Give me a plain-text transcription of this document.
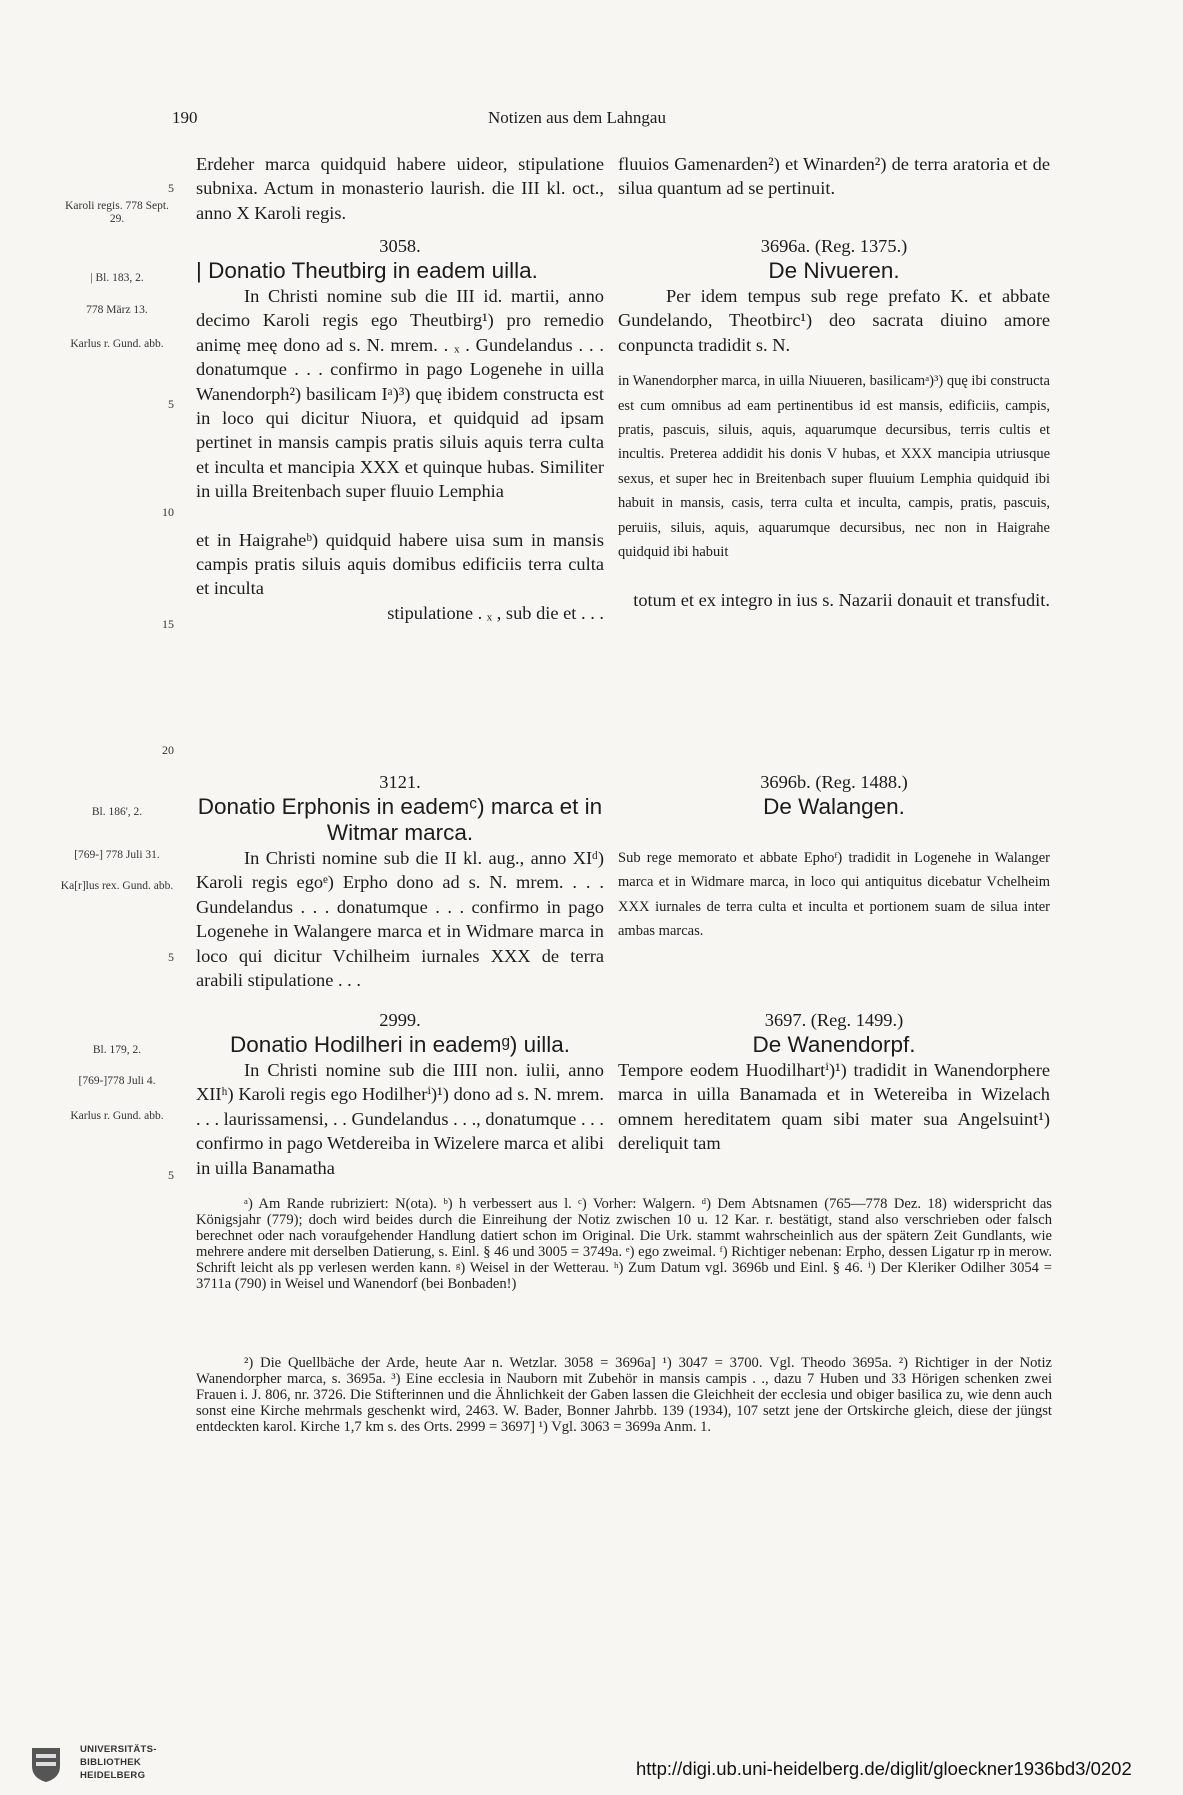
190	Notizen aus dem Lahngau
Karoli regis. 778 Sept. 29.
| Bl. 183, 2.
778 März 13.
Karlus r. Gund. abb.
Bl. 186', 2.
[769-] 778 Juli 31.
Ka[r]lus rex. Gund. abb.
Bl. 179, 2.
[769-]778 Juli 4.
Karlus r. Gund. abb.
5
5
10
15
20
5
5

Erdeher marca quidquid habere uideor, stipulatione subnixa. Actum in monasterio laurish. die III kl. oct., anno X Karoli regis.

fluuios Gamenarden²) et Winarden²) de terra aratoria et de silua quantum ad se pertinuit.

3058.
| Donatio Theutbirg in eadem uilla.

In Christi nomine sub die III id. martii, anno decimo Karoli regis ego Theutbirg¹) pro remedio animę meę dono ad s. N. mrem. . ₓ . Gundelandus . . . donatumque . . . confirmo in pago Logenehe in uilla Wanendorph²) basilicam Iᵃ)³) quę ibidem constructa est in loco qui dicitur Niuora, et quidquid ad ipsam pertinet in mansis campis pratis siluis aquis terra culta et inculta et mancipia XXX et quinque hubas. Similiter in uilla Breitenbach super fluuio Lemphia

et in Haigraheᵇ) quidquid habere uisa sum in mansis campis pratis siluis aquis domibus edificiis terra culta et inculta

stipulatione . ₓ , sub die et . . .

3696a. (Reg. 1375.)
De Nivueren.

Per idem tempus sub rege prefato K. et abbate Gundelando, Theotbirc¹) deo sacrata diuino amore conpuncta tradidit s. N.

in Wanendorpher marca, in uilla Niuueren, basilicamᵃ)³) quę ibi constructa est cum omnibus ad eam pertinentibus id est mansis, edificiis, campis, pratis, pascuis, siluis, aquis, aquarumque decursibus, terris cultis et incultis. Preterea addidit his donis V hubas, et XXX mancipia utriusque sexus, et super hec in Breitenbach super fluuium Lemphia quidquid ibi habuit in mansis, casis, terra culta et inculta, campis, pratis, pascuis, peruiis, siluis, aquis, aquarumque decursibus, nec non in Haigrahe quidquid ibi habuit

totum et ex integro in ius s. Nazarii donauit et transfudit.

3121.
Donatio Erphonis in eademᶜ) marca et in Witmar marca.

In Christi nomine sub die II kl. aug., anno XIᵈ) Karoli regis egoᵉ) Erpho dono ad s. N. mrem. . . . Gundelandus . . . donatumque . . . confirmo in pago Logenehe in Walangere marca et in Widmare marca in loco qui dicitur Vchilheim iurnales XXX de terra arabili stipulatione . . .

3696b. (Reg. 1488.)
De Walangen.

Sub rege memorato et abbate Ephoᶠ) tradidit in Logenehe in Walanger marca et in Widmare marca, in loco qui antiquitus dicebatur Vchelheim XXX iurnales de terra culta et inculta et portionem suam de silua inter ambas marcas.

2999.
Donatio Hodilheri in eademᵍ) uilla.

In Christi nomine sub die IIII non. iulii, anno XIIʰ) Karoli regis ego Hodilherⁱ)¹) dono ad s. N. mrem. . . . laurissamensi, . . Gundelandus . . ., donatumque . . . confirmo in pago Wetdereiba in Wizelere marca et alibi in uilla Banamatha

3697. (Reg. 1499.)
De Wanendorpf.

Tempore eodem Huodilhartⁱ)¹) tradidit in Wanendorphere marca in uilla Banamada et in Wetereiba in Wizelach omnem hereditatem quam sibi mater sua Angelsuint¹) dereliquit tam

ᵃ) Am Rande rubriziert: N(ota). ᵇ) h verbessert aus l. ᶜ) Vorher: Walgern. ᵈ) Dem Abtsnamen (765—778 Dez. 18) widerspricht das Königsjahr (779); doch wird beides durch die Einreihung der Notiz zwischen 10 u. 12 Kar. r. bestätigt, stand also verschrieben oder falsch berechnet oder nach voraufgehender Handlung datiert schon im Original. Die Urk. stammt wahrscheinlich aus der spätern Zeit Gundlants, wie mehrere andere mit derselben Datierung, s. Einl. § 46 und 3005 = 3749a. ᵉ) ego zweimal. ᶠ) Richtiger nebenan: Erpho, dessen Ligatur rp in merow. Schrift leicht als pp verlesen werden kann. ᵍ) Weisel in der Wetterau. ʰ) Zum Datum vgl. 3696b und Einl. § 46. ⁱ) Der Kleriker Odilher 3054 = 3711a (790) in Weisel und Wanendorf (bei Bonbaden!)

²) Die Quellbäche der Arde, heute Aar n. Wetzlar. 3058 = 3696a] ¹) 3047 = 3700. Vgl. Theodo 3695a. ²) Richtiger in der Notiz Wanendorpher marca, s. 3695a. ³) Eine ecclesia in Nauborn mit Zubehör in mansis campis . ., dazu 7 Huben und 33 Hörigen schenken zwei Frauen i. J. 806, nr. 3726. Die Stifterinnen und die Ähnlichkeit der Gaben lassen die Gleichheit der ecclesia und obiger basilica zu, wie denn auch sonst eine Kirche mehrmals geschenkt wird, 2463. W. Bader, Bonner Jahrbb. 139 (1934), 107 setzt jene der Ortskirche gleich, diese der jüngst entdeckten karol. Kirche 1,7 km s. des Orts. 2999 = 3697] ¹) Vgl. 3063 = 3699a Anm. 1.

UNIVERSITÄTS-
BIBLIOTHEK
HEIDELBERG	http://digi.ub.uni-heidelberg.de/diglit/gloeckner1936bd3/0202
